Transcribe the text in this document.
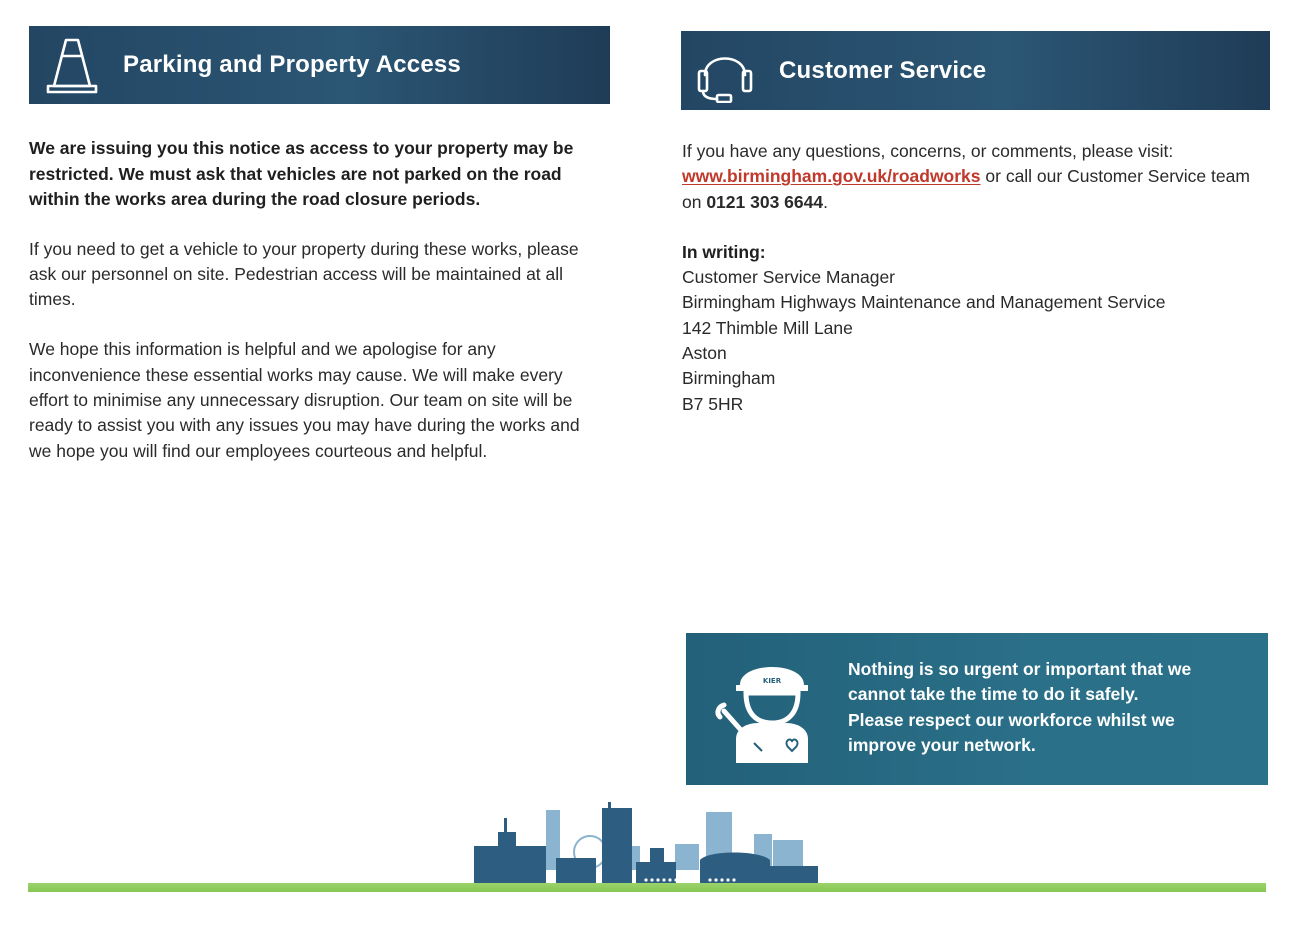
Parking and Property Access	Customer Service

We are issuing you this notice as access to your property may be restricted. We must ask that vehicles are not parked on the road within the works area during the road closure periods.

If you need to get a vehicle to your property during these works, please ask our personnel on site. Pedestrian access will be maintained at all times.

We hope this information is helpful and we apologise for any inconvenience these essential works may cause. We will make every effort to minimise any unnecessary disruption. Our team on site will be ready to assist you with any issues you may have during the works and we hope you will find our employees courteous and helpful.

If you have any questions, concerns, or comments, please visit:
www.birmingham.gov.uk/roadworks or call our Customer Service team on 0121 303 6644.
In writing:
Customer Service Manager
Birmingham Highways Maintenance and Management Service
142 Thimble Mill Lane
Aston
Birmingham
B7 5HR
KIER
Nothing is so urgent or important that we
cannot take the time to do it safely.
Please respect our workforce whilst we
improve your network.
